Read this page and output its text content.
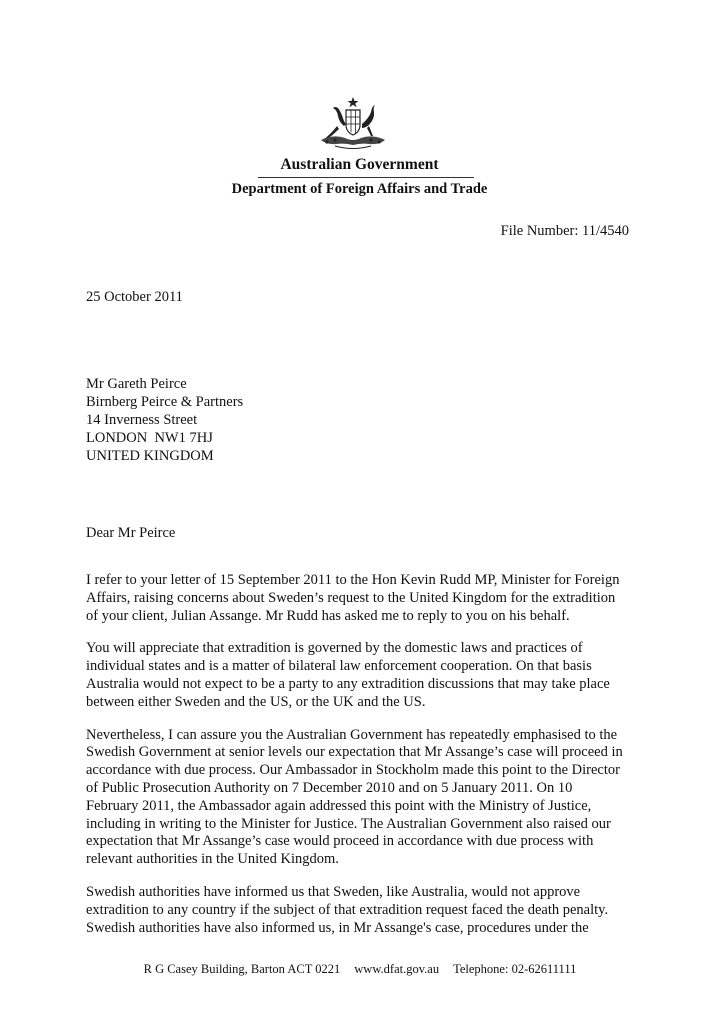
Australian Government
Department of Foreign Affairs and Trade
File Number: 11/4540
25 October 2011
Mr Gareth Peirce
Birnberg Peirce & Partners
14 Inverness Street
LONDON  NW1 7HJ
UNITED KINGDOM
Dear Mr Peirce

I refer to your letter of 15 September 2011 to the Hon Kevin Rudd MP, Minister for Foreign
Affairs, raising concerns about Sweden’s request to the United Kingdom for the extradition
of your client, Julian Assange. Mr Rudd has asked me to reply to you on his behalf.

You will appreciate that extradition is governed by the domestic laws and practices of
individual states and is a matter of bilateral law enforcement cooperation. On that basis
Australia would not expect to be a party to any extradition discussions that may take place
between either Sweden and the US, or the UK and the US.

Nevertheless, I can assure you the Australian Government has repeatedly emphasised to the
Swedish Government at senior levels our expectation that Mr Assange’s case will proceed in
accordance with due process. Our Ambassador in Stockholm made this point to the Director
of Public Prosecution Authority on 7 December 2010 and on 5 January 2011. On 10
February 2011, the Ambassador again addressed this point with the Ministry of Justice,
including in writing to the Minister for Justice. The Australian Government also raised our
expectation that Mr Assange’s case would proceed in accordance with due process with
relevant authorities in the United Kingdom.

Swedish authorities have informed us that Sweden, like Australia, would not approve
extradition to any country if the subject of that extradition request faced the death penalty.
Swedish authorities have also informed us, in Mr Assange's case, procedures under the

R G Casey Building, Barton ACT 0221 www.dfat.gov.au Telephone: 02-62611111
